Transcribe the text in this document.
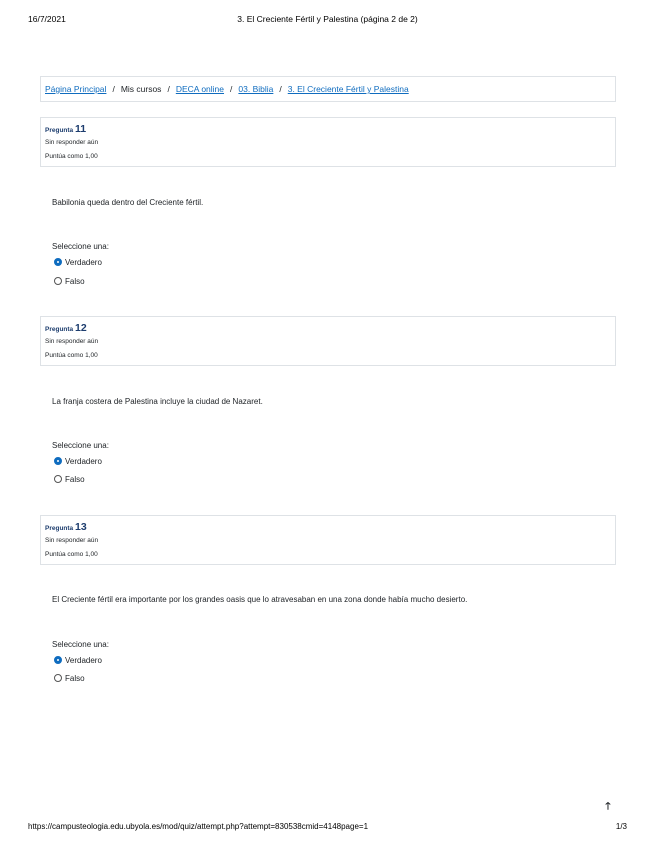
16/7/2021	3. El Creciente Fértil y Palestina (página 2 de 2)
Página Principal / Mis cursos / DECA online / 03. Biblia / 3. El Creciente Fértil y Palestina
Pregunta 11
Sin responder aún
Puntúa como 1,00
Babilonia queda dentro del Creciente fértil.
Seleccione una:
Verdadero
Falso
Pregunta 12
Sin responder aún
Puntúa como 1,00
La franja costera de Palestina incluye la ciudad de Nazaret.
Seleccione una:
Verdadero
Falso
Pregunta 13
Sin responder aún
Puntúa como 1,00
El Creciente fértil era importante por los grandes oasis que lo atravesaban en una zona donde había mucho desierto.
Seleccione una:
Verdadero
Falso
🡑
https://campusteologia.edu.ubyola.es/mod/quiz/attempt.php?attempt=830538cmid=4148page=1	1/3
